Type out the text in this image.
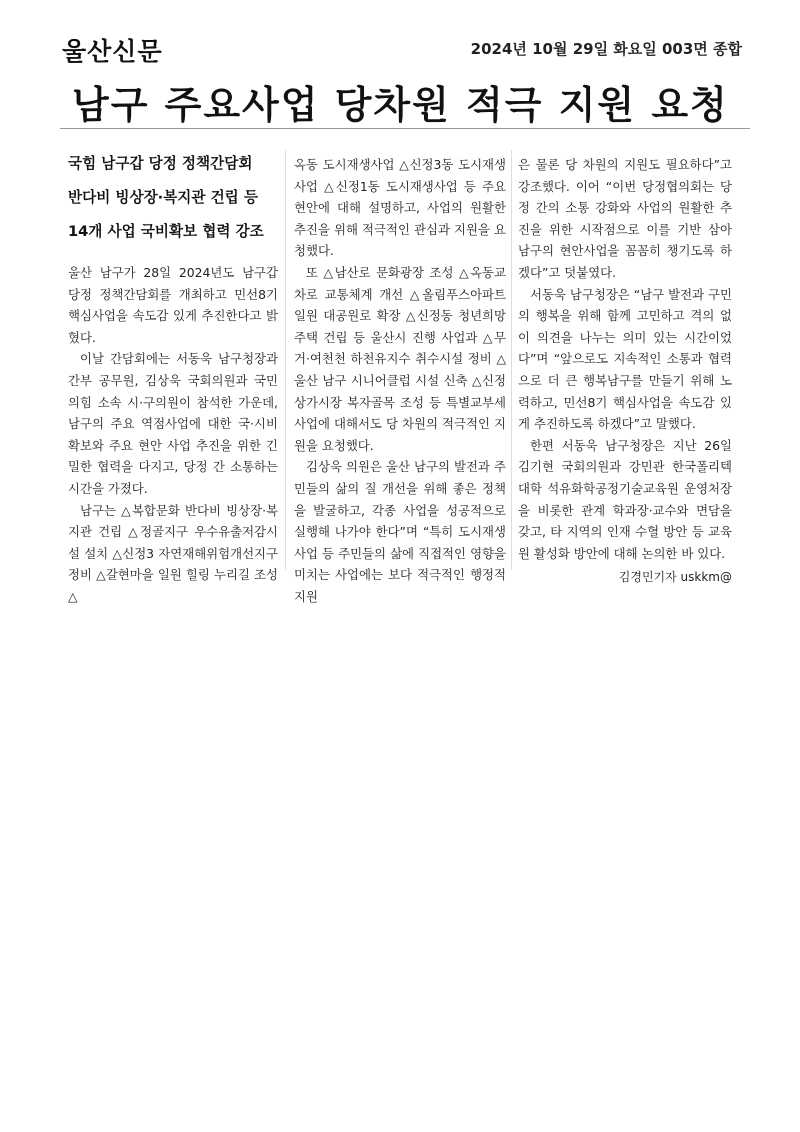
울산신문	2024년 10월 29일 화요일 003면 종합
남구 주요사업 당차원 적극 지원 요청
국힘 남구갑 당정 정책간담회
반다비 빙상장·복지관 건립 등
14개 사업 국비확보 협력 강조

울산 남구가 28일 2024년도 남구갑 당정 정책간담회를 개최하고 민선8기 핵심사업을 속도감 있게 추진한다고 밝혔다.

이날 간담회에는 서동욱 남구청장과 간부 공무원, 김상욱 국회의원과 국민의힘 소속 시·구의원이 참석한 가운데, 남구의 주요 역점사업에 대한 국·시비 확보와 주요 현안 사업 추진을 위한 긴밀한 협력을 다지고, 당정 간 소통하는 시간을 가졌다.

남구는 △복합문화 반다비 빙상장·복지관 건립 △정골지구 우수유출저감시설 설치 △신정3 자연재해위험개선지구 정비 △갈현마을 일원 힐링 누리길 조성 △

옥동 도시재생사업 △신정3동 도시재생사업 △신정1동 도시재생사업 등 주요 현안에 대해 설명하고, 사업의 원활한 추진을 위해 적극적인 관심과 지원을 요청했다.

또 △남산로 문화광장 조성 △옥동교차로 교통체계 개선 △올림푸스아파트 일원 대공원로 확장 △신정동 청년희망 주택 건립 등 울산시 진행 사업과 △무거·여천천 하천유지수 취수시설 정비 △울산 남구 시니어클럽 시설 신축 △신정상가시장 복자골목 조성 등 특별교부세 사업에 대해서도 당 차원의 적극적인 지원을 요청했다.

김상욱 의원은 울산 남구의 발전과 주민들의 삶의 질 개선을 위해 좋은 정책을 발굴하고, 각종 사업을 성공적으로 실행해 나가야 한다”며 “특히 도시재생 사업 등 주민들의 삶에 직접적인 영향을 미치는 사업에는 보다 적극적인 행정적 지원

은 물론 당 차원의 지원도 필요하다”고 강조했다. 이어 “이번 당정협의회는 당정 간의 소통 강화와 사업의 원활한 추진을 위한 시작점으로 이를 기반 삼아 남구의 현안사업을 꼼꼼히 챙기도록 하겠다”고 덧붙였다.

서동욱 남구청장은 “남구 발전과 구민의 행복을 위해 함께 고민하고 격의 없이 의견을 나누는 의미 있는 시간이었다”며 “앞으로도 지속적인 소통과 협력으로 더 큰 행복남구를 만들기 위해 노력하고, 민선8기 핵심사업을 속도감 있게 추진하도록 하겠다”고 말했다.

한편 서동욱 남구청장은 지난 26일 김기현 국회의원과 강민관 한국폴리텍대학 석유화학공정기술교육원 운영처장을 비롯한 관계 학과장·교수와 면담을 갖고, 타 지역의 인재 수혈 방안 등 교육원 활성화 방안에 대해 논의한 바 있다.

김경민기자 uskkm@
